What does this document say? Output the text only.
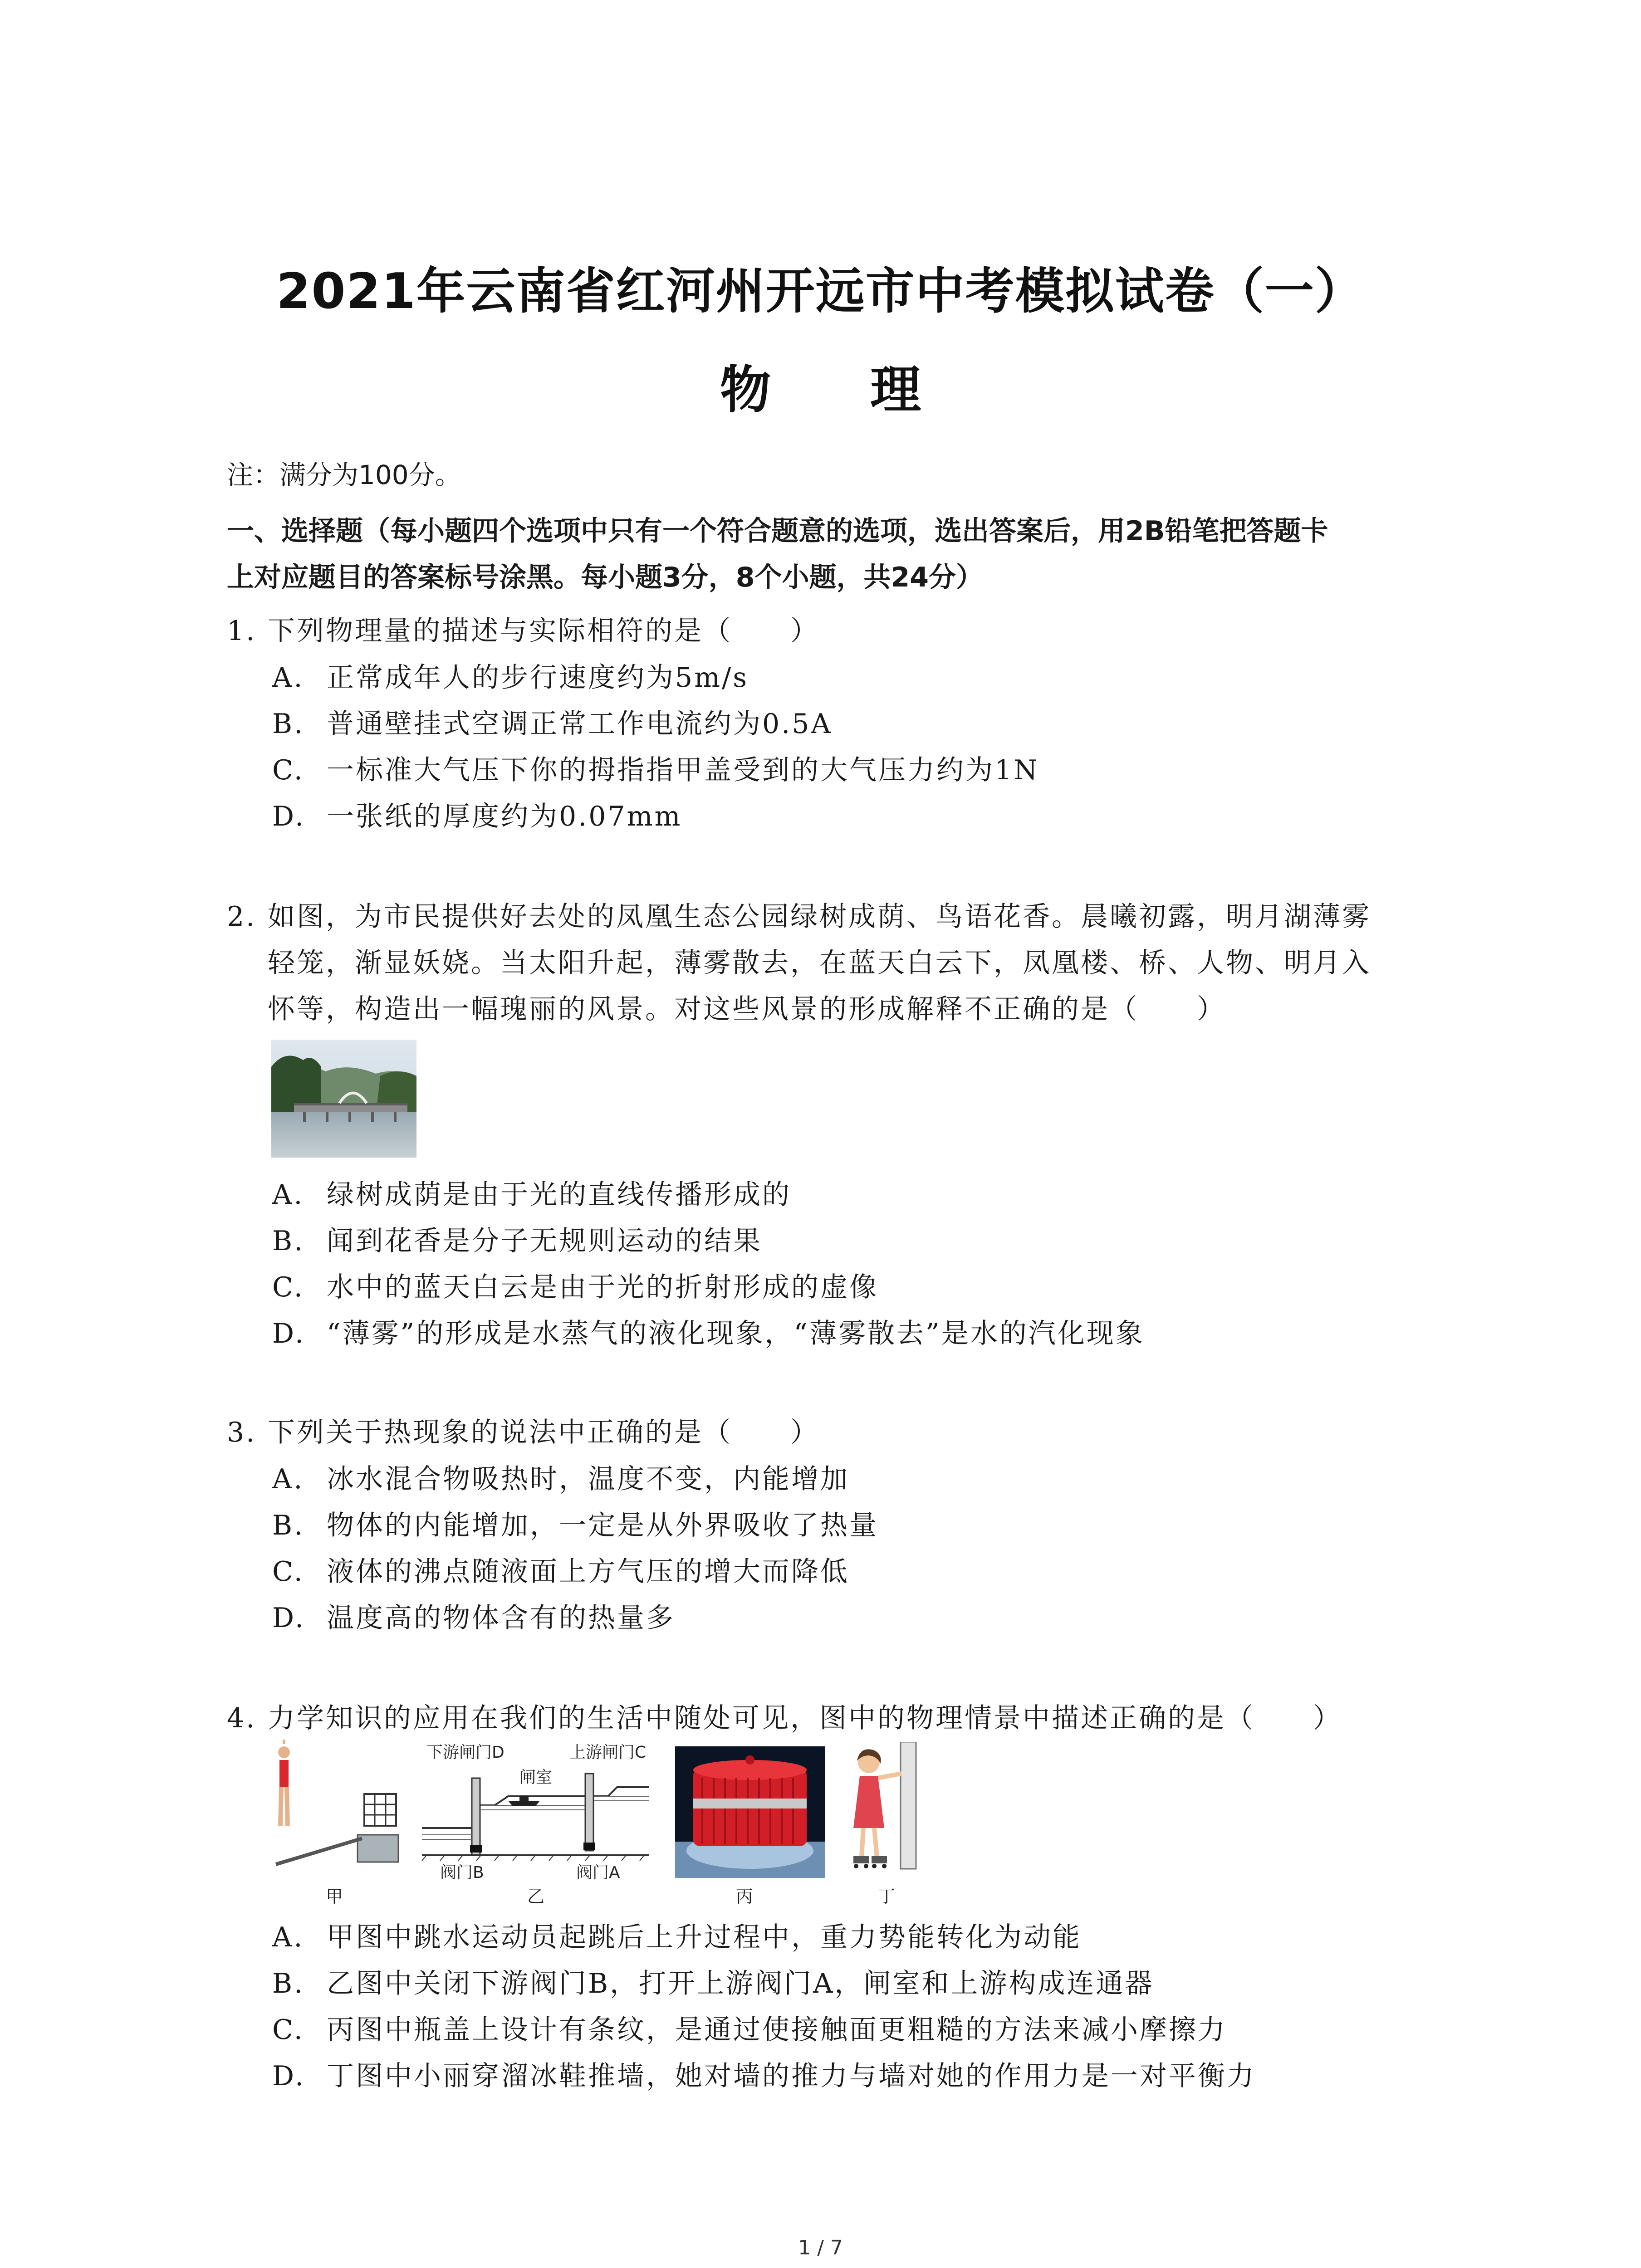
2021年云南省红河州开远市中考模拟试卷（一）
物 理
注：满分为100分。
一、选择题（每小题四个选项中只有一个符合题意的选项，选出答案后，用2B铅笔把答题卡
上对应题目的答案标号涂黑。每小题3分，8个小题，共24分）
1. 下列物理量的描述与实际相符的是（　　）
A. 正常成年人的步行速度约为5m/s
B. 普通壁挂式空调正常工作电流约为0.5A
C. 一标准大气压下你的拇指指甲盖受到的大气压力约为1N
D. 一张纸的厚度约为0.07mm
2. 如图，为市民提供好去处的凤凰生态公园绿树成荫、鸟语花香。晨曦初露，明月湖薄雾
轻笼，渐显妖娆。当太阳升起，薄雾散去，在蓝天白云下，凤凰楼、桥、人物、明月入
怀等，构造出一幅瑰丽的风景。对这些风景的形成解释不正确的是（　　）
A. 绿树成荫是由于光的直线传播形成的
B. 闻到花香是分子无规则运动的结果
C. 水中的蓝天白云是由于光的折射形成的虚像
D. “薄雾”的形成是水蒸气的液化现象，“薄雾散去”是水的汽化现象
3. 下列关于热现象的说法中正确的是（　　）
A. 冰水混合物吸热时，温度不变，内能增加
B. 物体的内能增加，一定是从外界吸收了热量
C. 液体的沸点随液面上方气压的增大而降低
D. 温度高的物体含有的热量多
4. 力学知识的应用在我们的生活中随处可见，图中的物理情景中描述正确的是（　　）
甲
下游闸门D	上游闸门C
闸室
阀门B	阀门A
乙	丙	丁
A. 甲图中跳水运动员起跳后上升过程中，重力势能转化为动能
B. 乙图中关闭下游阀门B，打开上游阀门A，闸室和上游构成连通器
C. 丙图中瓶盖上设计有条纹，是通过使接触面更粗糙的方法来减小摩擦力
D. 丁图中小丽穿溜冰鞋推墙，她对墙的推力与墙对她的作用力是一对平衡力
1 / 7
